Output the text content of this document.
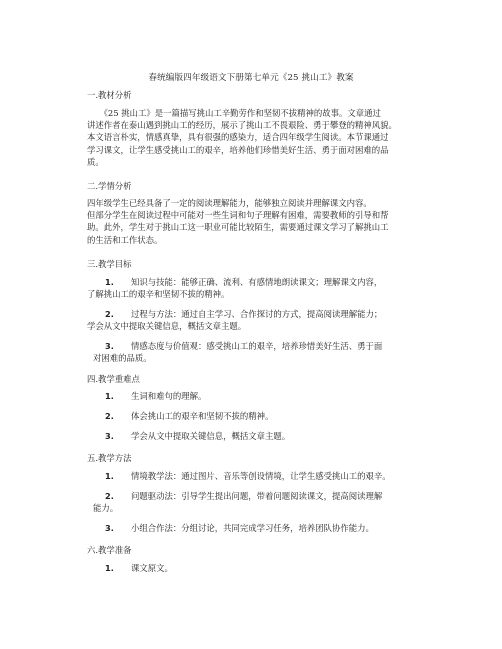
春统编版四年级语文下册第七单元《25 挑山工》教案
一.教材分析
　　《25 挑山工》是一篇描写挑山工辛勤劳作和坚韧不拔精神的故事。文章通过
讲述作者在泰山遇到挑山工的经历，展示了挑山工不畏艰险、勇于攀登的精神风貌。
本文语言朴实，情感真挚，具有很强的感染力，适合四年级学生阅读。本节课通过
学习课文，让学生感受挑山工的艰辛，培养他们珍惜美好生活、勇于面对困难的品
质。
二.学情分析
四年级学生已经具备了一定的阅读理解能力，能够独立阅读并理解课文内容。
但部分学生在阅读过程中可能对一些生词和句子理解有困难，需要教师的引导和帮
助。此外，学生对于挑山工这一职业可能比较陌生，需要通过课文学习了解挑山工
的生活和工作状态。
三.教学目标
1. 知识与技能：能够正确、流利、有感情地朗读课文；理解课文内容，
了解挑山工的艰辛和坚韧不拔的精神。
2. 过程与方法：通过自主学习、合作探讨的方式，提高阅读理解能力；
学会从文中提取关键信息，概括文章主题。
3. 情感态度与价值观：感受挑山工的艰辛，培养珍惜美好生活、勇于面
对困难的品质。
四.教学重难点
1. 生词和难句的理解。
2. 体会挑山工的艰辛和坚韧不拔的精神。
3. 学会从文中提取关键信息，概括文章主题。
五.教学方法
1. 情境教学法：通过图片、音乐等创设情境，让学生感受挑山工的艰辛。
2. 问题驱动法：引导学生提出问题，带着问题阅读课文，提高阅读理解
能力。
3. 小组合作法：分组讨论，共同完成学习任务，培养团队协作能力。
六.教学准备
1. 课文原文。
